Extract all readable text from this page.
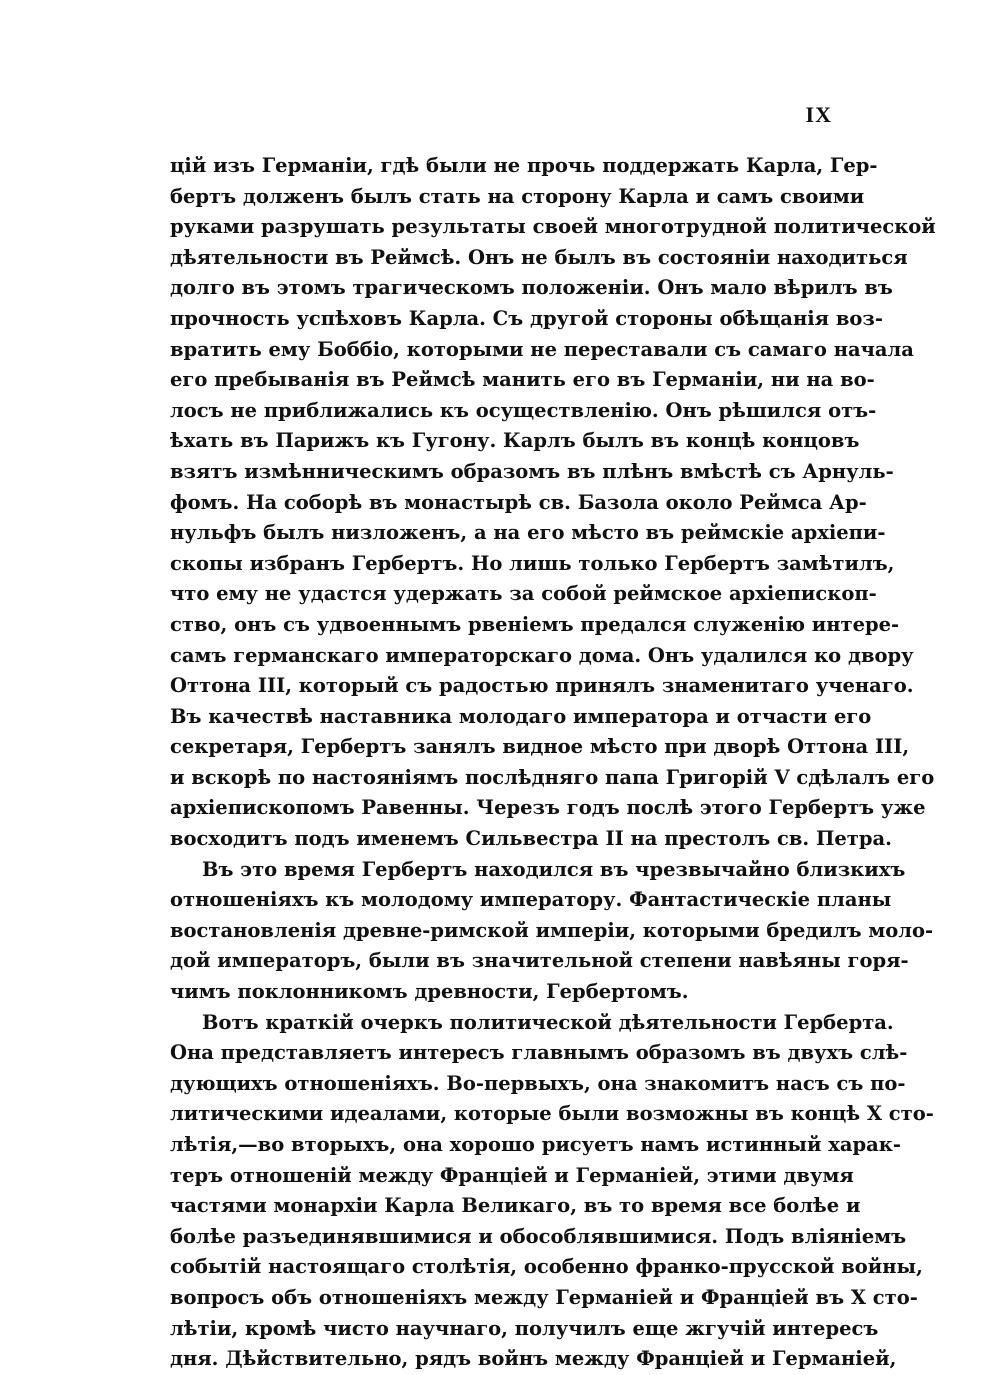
IX
цій изъ Германіи, гдѣ были не прочь поддержать Карла, Гер-
бертъ долженъ былъ стать на сторону Карла и самъ своими
руками разрушать результаты своей многотрудной политической
дѣятельности въ Реймсѣ. Онъ не былъ въ состояніи находиться
долго въ этомъ трагическомъ положеніи. Онъ мало вѣрилъ въ
прочность успѣховъ Карла. Съ другой стороны обѣщанія воз-
вратить ему Боббіо, которыми не переставали съ самаго начала
его пребыванія въ Реймсѣ манить его въ Германіи, ни на во-
лосъ не приближались къ осуществленію. Онъ рѣшился отъ-
ѣхать въ Парижъ къ Гугону. Карлъ былъ въ концѣ концовъ
взятъ измѣнническимъ образомъ въ плѣнъ вмѣстѣ съ Арнуль-
фомъ. На соборѣ въ монастырѣ св. Базола около Реймса Ар-
нульфъ былъ низложенъ, а на его мѣсто въ реймскіе архіепи-
скопы избранъ Гербертъ. Но лишь только Гербертъ замѣтилъ,
что ему не удастся удержать за собой реймское архіепископ-
ство, онъ съ удвоеннымъ рвеніемъ предался служенію интере-
самъ германскаго императорскаго дома. Онъ удалился ко двору
Оттона III, который съ радостью принялъ знаменитаго ученаго.
Въ качествѣ наставника молодаго императора и отчасти его
секретаря, Гербертъ занялъ видное мѣсто при дворѣ Оттона III,
и вскорѣ по настояніямъ послѣдняго папа Григорій V сдѣлалъ его
архіепископомъ Равенны. Черезъ годъ послѣ этого Гербертъ уже
восходитъ подъ именемъ Сильвестра II на престолъ св. Петра.
Въ это время Гербертъ находился въ чрезвычайно близкихъ
отношеніяхъ къ молодому императору. Фантастическіе планы
востановленія древне-римской имперіи, которыми бредилъ моло-
дой императоръ, были въ значительной степени навѣяны горя-
чимъ поклонникомъ древности, Гербертомъ.
Вотъ краткій очеркъ политической дѣятельности Герберта.
Она представляетъ интересъ главнымъ образомъ въ двухъ слѣ-
дующихъ отношеніяхъ. Во-первыхъ, она знакомитъ насъ съ по-
литическими идеалами, которые были возможны въ концѣ X сто-
лѣтія,—во вторыхъ, она хорошо рисуетъ намъ истинный харак-
теръ отношеній между Франціей и Германіей, этими двумя
частями монархіи Карла Великаго, въ то время все болѣе и
болѣе разъединявшимися и обособлявшимися. Подъ вліяніемъ
событій настоящаго столѣтія, особенно франко-прусской войны,
вопросъ объ отношеніяхъ между Германіей и Франціей въ X сто-
лѣтіи, кромѣ чисто научнаго, получилъ еще жгучій интересъ
дня. Дѣйствительно, рядъ войнъ между Франціей и Германіей,
